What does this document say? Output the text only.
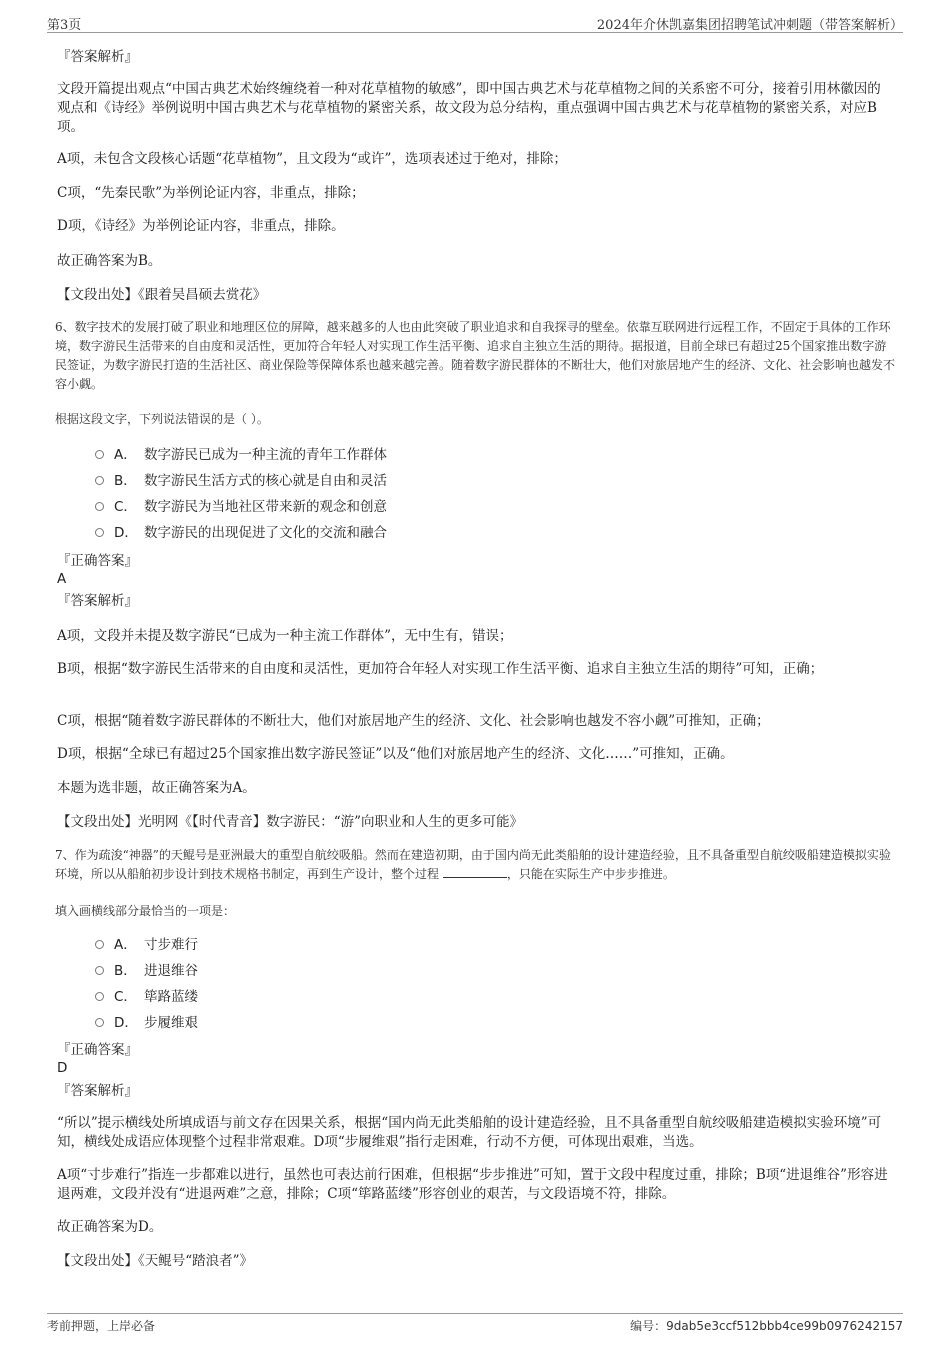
第3页	2024年介休凯嘉集团招聘笔试冲刺题（带答案解析）
『答案解析』
文段开篇提出观点“中国古典艺术始终缠绕着一种对花草植物的敏感”，即中国古典艺术与花草植物之间的关系密不可分，接着引用林徽因的观点和《诗经》举例说明中国古典艺术与花草植物的紧密关系，故文段为总分结构，重点强调中国古典艺术与花草植物的紧密关系，对应B项。
A项，未包含文段核心话题“花草植物”，且文段为“或许”，选项表述过于绝对，排除；
C项，“先秦民歌”为举例论证内容，非重点，排除；
D项，《诗经》为举例论证内容，非重点，排除。
故正确答案为B。
【文段出处】《跟着吴昌硕去赏花》
6、数字技术的发展打破了职业和地理区位的屏障，越来越多的人也由此突破了职业追求和自我探寻的壁垒。依靠互联网进行远程工作，不固定于具体的工作环境，数字游民生活带来的自由度和灵活性，更加符合年轻人对实现工作生活平衡、追求自主独立生活的期待。据报道，目前全球已有超过25个国家推出数字游民签证，为数字游民打造的生活社区、商业保险等保障体系也越来越完善。随着数字游民群体的不断壮大，他们对旅居地产生的经济、文化、社会影响也越发不容小觑。
根据这段文字，下列说法错误的是（ ）。
A． 数字游民已成为一种主流的青年工作群体
B． 数字游民生活方式的核心就是自由和灵活
C． 数字游民为当地社区带来新的观念和创意
D． 数字游民的出现促进了文化的交流和融合
『正确答案』
A
『答案解析』
A项，文段并未提及数字游民“已成为一种主流工作群体”，无中生有，错误；
B项，根据“数字游民生活带来的自由度和灵活性，更加符合年轻人对实现工作生活平衡、追求自主独立生活的期待”可知，正确；
C项，根据“随着数字游民群体的不断壮大，他们对旅居地产生的经济、文化、社会影响也越发不容小觑”可推知，正确；
D项，根据“全球已有超过25个国家推出数字游民签证”以及“他们对旅居地产生的经济、文化……”可推知，正确。
本题为选非题，故正确答案为A。
【文段出处】光明网《【时代青音】数字游民：“游”向职业和人生的更多可能》
7、作为疏浚“神器”的天鲲号是亚洲最大的重型自航绞吸船。然而在建造初期，由于国内尚无此类船舶的设计建造经验，且不具备重型自航绞吸船建造模拟实验环境，所以从船舶初步设计到技术规格书制定，再到生产设计，整个过程	，只能在实际生产中步步推进。
填入画横线部分最恰当的一项是：
A． 寸步难行
B． 进退维谷
C． 筚路蓝缕
D． 步履维艰
『正确答案』
D
『答案解析』
“所以”提示横线处所填成语与前文存在因果关系，根据“国内尚无此类船舶的设计建造经验，且不具备重型自航绞吸船建造模拟实验环境”可知，横线处成语应体现整个过程非常艰难。D项“步履维艰”指行走困难，行动不方便，可体现出艰难，当选。
A项“寸步难行”指连一步都难以进行，虽然也可表达前行困难，但根据“步步推进”可知，置于文段中程度过重，排除；B项“进退维谷”形容进退两难，文段并没有“进退两难”之意，排除；C项“筚路蓝缕”形容创业的艰苦，与文段语境不符，排除。
故正确答案为D。
【文段出处】《天鲲号“踏浪者”》
考前押题，上岸必备	编号：9dab5e3ccf512bbb4ce99b0976242157
